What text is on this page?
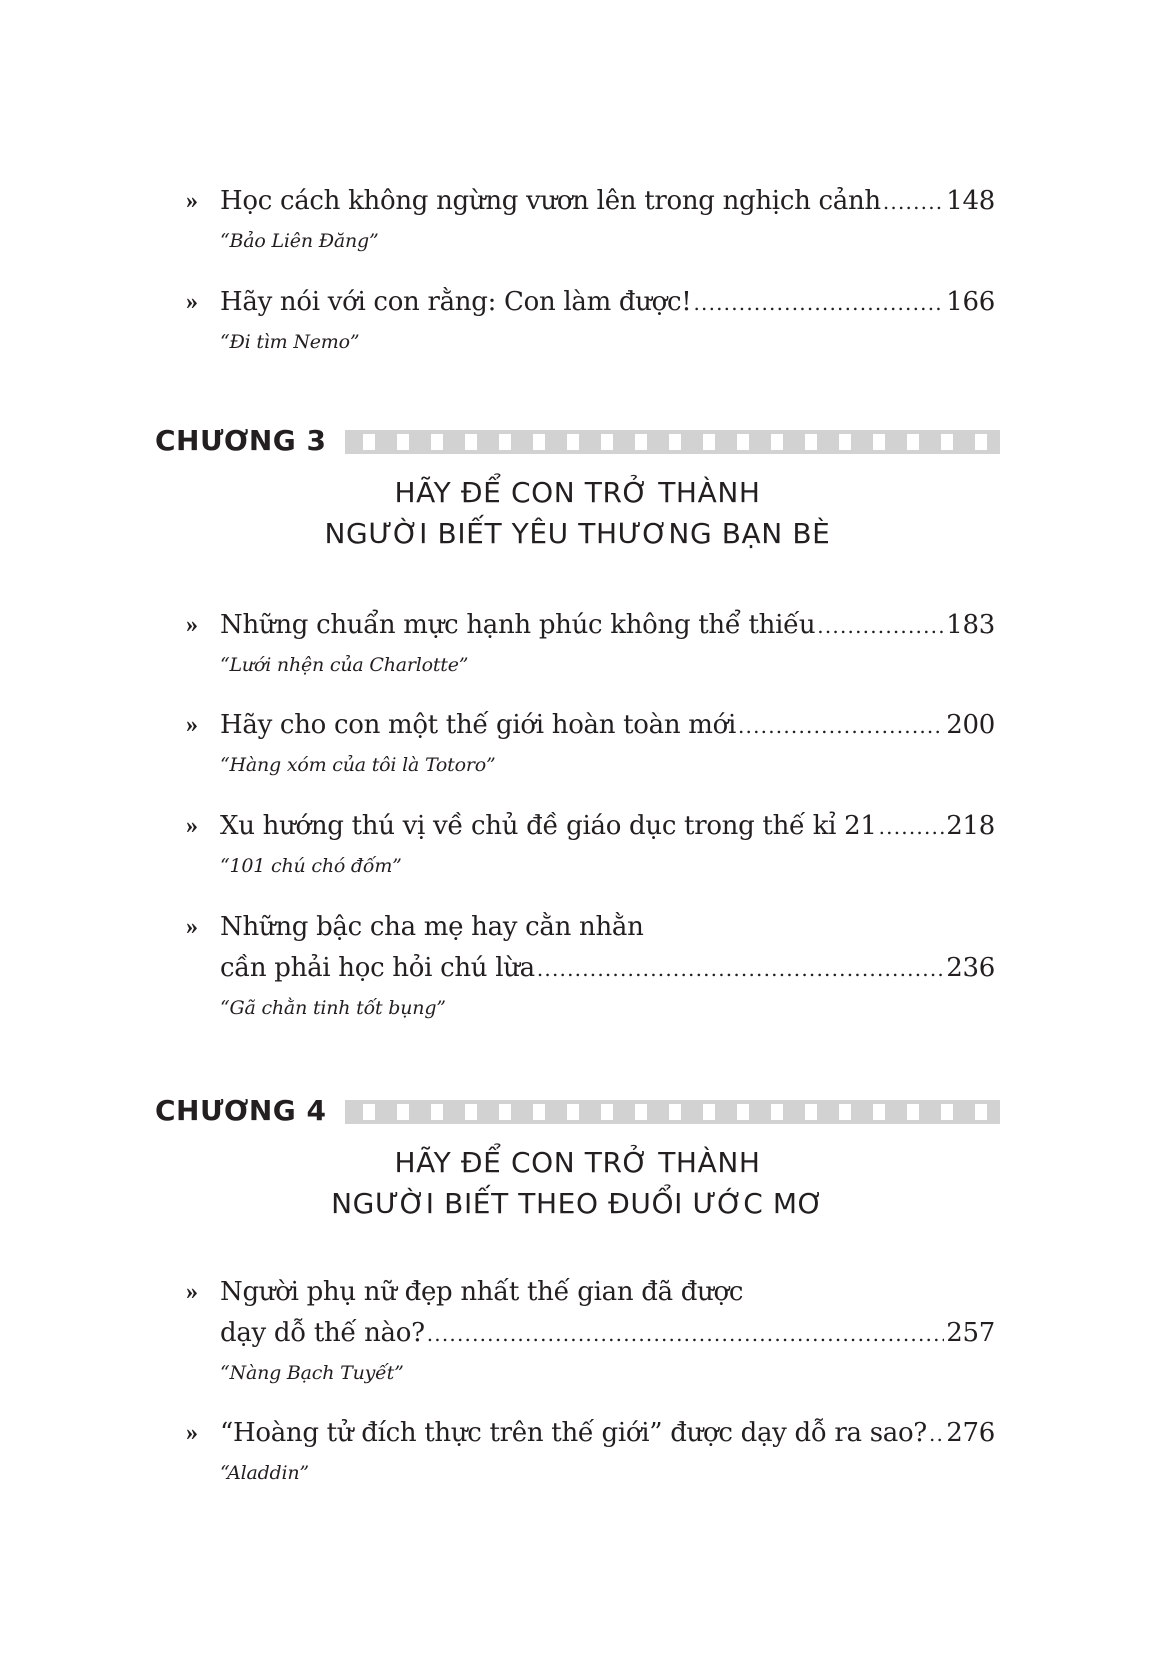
» Học cách không ngừng vươn lên trong nghịch cảnh .....	148
“Bảo Liên Đăng”
» Hãy nói với con rằng: Con làm được! .....	166
“Đi tìm Nemo”
CHƯƠNG 3
HÃY ĐỂ CON TRỞ THÀNH
NGƯỜI BIẾT YÊU THƯƠNG BẠN BÈ
» Những chuẩn mực hạnh phúc không thể thiếu .....	183
“Lưới nhện của Charlotte”
» Hãy cho con một thế giới hoàn toàn mới .....	200
“Hàng xóm của tôi là Totoro”
» Xu hướng thú vị về chủ đề giáo dục trong thế kỉ 21 .....	218
“101 chú chó đốm”
» Những bậc cha mẹ hay cằn nhằn
cần phải học hỏi chú lừa .....	236
“Gã chằn tinh tốt bụng”
CHƯƠNG 4
HÃY ĐỂ CON TRỞ THÀNH
NGƯỜI BIẾT THEO ĐUỔI ƯỚC MƠ
» Người phụ nữ đẹp nhất thế gian đã được
dạy dỗ thế nào? .....	257
“Nàng Bạch Tuyết”
» “Hoàng tử đích thực trên thế giới” được dạy dỗ ra sao? ..... 276
“Aladdin”
